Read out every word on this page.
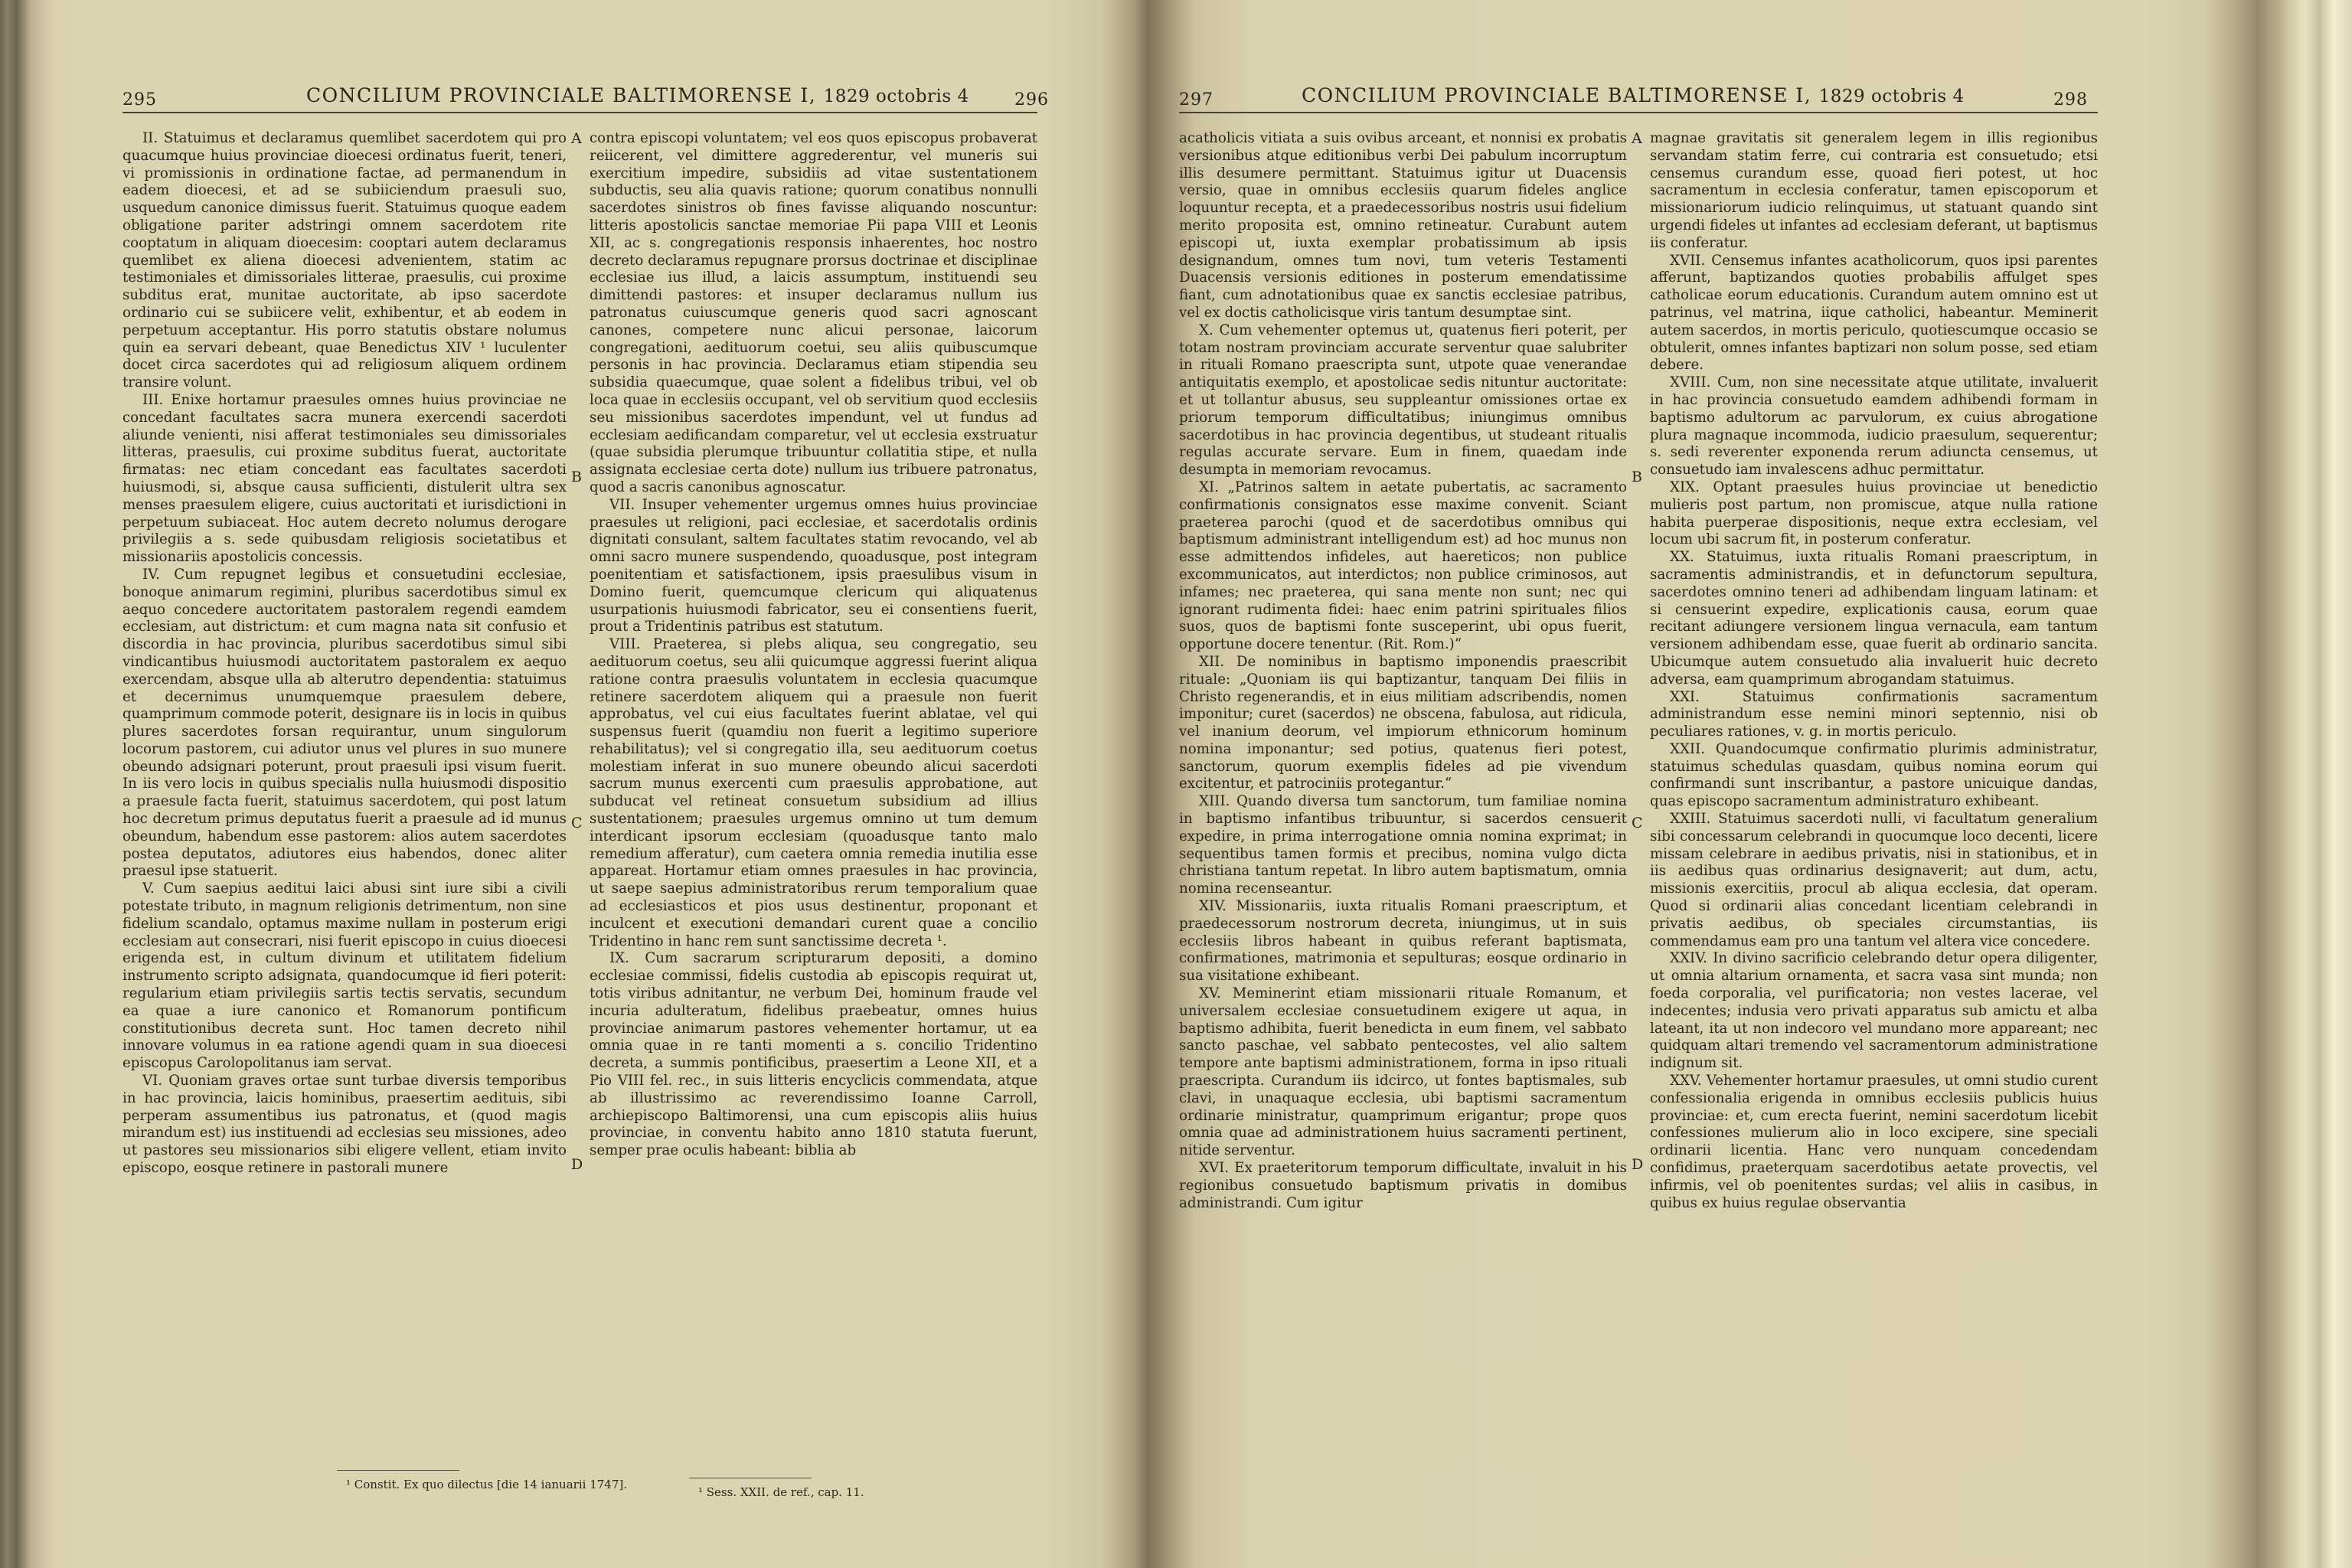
295	CONCILIUM PROVINCIALE BALTIMORENSE I, 1829 octobris 4	296

II. Statuimus et declaramus quemlibet sacerdotem qui pro quacumque huius provinciae dioecesi ordinatus fuerit, teneri, vi promissionis in ordinatione factae, ad permanendum in eadem dioecesi, et ad se subiiciendum praesuli suo, usquedum canonice dimissus fuerit. Statuimus quoque eadem obligatione pariter adstringi omnem sacerdotem rite cooptatum in aliquam dioecesim: cooptari autem declaramus quemlibet ex aliena dioecesi advenientem, statim ac testimoniales et dimissoriales litterae, praesulis, cui proxime subditus erat, munitae auctoritate, ab ipso sacerdote ordinario cui se subiicere velit, exhibentur, et ab eodem in perpetuum acceptantur. His porro statutis obstare nolumus quin ea servari debeant, quae Benedictus XIV ¹ luculenter docet circa sacerdotes qui ad religiosum aliquem ordinem transire volunt.

III. Enixe hortamur praesules omnes huius provinciae ne concedant facultates sacra munera exercendi sacerdoti aliunde venienti, nisi afferat testimoniales seu dimissoriales litteras, praesulis, cui proxime subditus fuerat, auctoritate firmatas: nec etiam concedant eas facultates sacerdoti huiusmodi, si, absque causa sufficienti, distulerit ultra sex menses praesulem eligere, cuius auctoritati et iurisdictioni in perpetuum subiaceat. Hoc autem decreto nolumus derogare privilegiis a s. sede quibusdam religiosis societatibus et missionariis apostolicis concessis.

IV. Cum repugnet legibus et consuetudini ecclesiae, bonoque animarum regimini, pluribus sacerdotibus simul ex aequo concedere auctoritatem pastoralem regendi eamdem ecclesiam, aut districtum: et cum magna nata sit confusio et discordia in hac provincia, pluribus sacerdotibus simul sibi vindicantibus huiusmodi auctoritatem pastoralem ex aequo exercendam, absque ulla ab alterutro dependentia: statuimus et decernimus unumquemque praesulem debere, quamprimum commode poterit, designare iis in locis in quibus plures sacerdotes forsan requirantur, unum singulorum locorum pastorem, cui adiutor unus vel plures in suo munere obeundo adsignari poterunt, prout praesuli ipsi visum fuerit. In iis vero locis in quibus specialis nulla huiusmodi dispositio a praesule facta fuerit, statuimus sacerdotem, qui post latum hoc decretum primus deputatus fuerit a praesule ad id munus obeundum, habendum esse pastorem: alios autem sacerdotes postea deputatos, adiutores eius habendos, donec aliter praesul ipse statuerit.

V. Cum saepius aeditui laici abusi sint iure sibi a civili potestate tributo, in magnum religionis detrimentum, non sine fidelium scandalo, optamus maxime nullam in posterum erigi ecclesiam aut consecrari, nisi fuerit episcopo in cuius dioecesi erigenda est, in cultum divinum et utilitatem fidelium instrumento scripto adsignata, quandocumque id fieri poterit: regularium etiam privilegiis sartis tectis servatis, secundum ea quae a iure canonico et Romanorum pontificum constitutionibus decreta sunt. Hoc tamen decreto nihil innovare volumus in ea ratione agendi quam in sua dioecesi episcopus Carolopolitanus iam servat.

VI. Quoniam graves ortae sunt turbae diversis temporibus in hac provincia, laicis hominibus, praesertim aedituis, sibi perperam assumentibus ius patronatus, et (quod magis mirandum est) ius instituendi ad ecclesias seu missiones, adeo ut pastores seu missionarios sibi eligere vellent, etiam invito episcopo, eosque retinere in pastorali munere

A
B
C
D

contra episcopi voluntatem; vel eos quos episcopus probaverat reiicerent, vel dimittere aggrederentur, vel muneris sui exercitium impedire, subsidiis ad vitae sustentationem subductis, seu alia quavis ratione; quorum conatibus nonnulli sacerdotes sinistros ob fines favisse aliquando noscuntur: litteris apostolicis sanctae memoriae Pii papa VIII et Leonis XII, ac s. congregationis responsis inhaerentes, hoc nostro decreto declaramus repugnare prorsus doctrinae et disciplinae ecclesiae ius illud, a laicis assumptum, instituendi seu dimittendi pastores: et insuper declaramus nullum ius patronatus cuiuscumque generis quod sacri agnoscant canones, competere nunc alicui personae, laicorum congregationi, aedituorum coetui, seu aliis quibuscumque personis in hac provincia. Declaramus etiam stipendia seu subsidia quaecumque, quae solent a fidelibus tribui, vel ob loca quae in ecclesiis occupant, vel ob servitium quod ecclesiis seu missionibus sacerdotes impendunt, vel ut fundus ad ecclesiam aedificandam comparetur, vel ut ecclesia exstruatur (quae subsidia plerumque tribuuntur collatitia stipe, et nulla assignata ecclesiae certa dote) nullum ius tribuere patronatus, quod a sacris canonibus agnoscatur.

VII. Insuper vehementer urgemus omnes huius provinciae praesules ut religioni, paci ecclesiae, et sacerdotalis ordinis dignitati consulant, saltem facultates statim revocando, vel ab omni sacro munere suspendendo, quoadusque, post integram poenitentiam et satisfactionem, ipsis praesulibus visum in Domino fuerit, quemcumque clericum qui aliquatenus usurpationis huiusmodi fabricator, seu ei consentiens fuerit, prout a Tridentinis patribus est statutum.

VIII. Praeterea, si plebs aliqua, seu congregatio, seu aedituorum coetus, seu alii quicumque aggressi fuerint aliqua ratione contra praesulis voluntatem in ecclesia quacumque retinere sacerdotem aliquem qui a praesule non fuerit approbatus, vel cui eius facultates fuerint ablatae, vel qui suspensus fuerit (quamdiu non fuerit a legitimo superiore rehabilitatus); vel si congregatio illa, seu aedituorum coetus molestiam inferat in suo munere obeundo alicui sacerdoti sacrum munus exercenti cum praesulis approbatione, aut subducat vel retineat consuetum subsidium ad illius sustentationem; praesules urgemus omnino ut tum demum interdicant ipsorum ecclesiam (quoadusque tanto malo remedium afferatur), cum caetera omnia remedia inutilia esse appareat. Hortamur etiam omnes praesules in hac provincia, ut saepe saepius administratoribus rerum temporalium quae ad ecclesiasticos et pios usus destinentur, proponant et inculcent et executioni demandari curent quae a concilio Tridentino in hanc rem sunt sanctissime decreta ¹.

IX. Cum sacrarum scripturarum depositi, a domino ecclesiae commissi, fidelis custodia ab episcopis requirat ut, totis viribus adnitantur, ne verbum Dei, hominum fraude vel incuria adulteratum, fidelibus praebeatur, omnes huius provinciae animarum pastores vehementer hortamur, ut ea omnia quae in re tanti momenti a s. concilio Tridentino decreta, a summis pontificibus, praesertim a Leone XII, et a Pio VIII fel. rec., in suis litteris encyclicis commendata, atque ab illustrissimo ac reverendissimo Ioanne Carroll, archiepiscopo Baltimorensi, una cum episcopis aliis huius provinciae, in conventu habito anno 1810 statuta fuerunt, semper prae oculis habeant: biblia ab

¹ Constit. Ex quo dilectus [die 14 ianuarii 1747].
¹ Sess. XXII. de ref., cap. 11.
297	CONCILIUM PROVINCIALE BALTIMORENSE I, 1829 octobris 4	298

acatholicis vitiata a suis ovibus arceant, et nonnisi ex probatis versionibus atque editionibus verbi Dei pabulum incorruptum illis desumere permittant. Statuimus igitur ut Duacensis versio, quae in omnibus ecclesiis quarum fideles anglice loquuntur recepta, et a praedecessoribus nostris usui fidelium merito proposita est, omnino retineatur. Curabunt autem episcopi ut, iuxta exemplar probatissimum ab ipsis designandum, omnes tum novi, tum veteris Testamenti Duacensis versionis editiones in posterum emendatissime fiant, cum adnotationibus quae ex sanctis ecclesiae patribus, vel ex doctis catholicisque viris tantum desumptae sint.

X. Cum vehementer optemus ut, quatenus fieri poterit, per totam nostram provinciam accurate serventur quae salubriter in rituali Romano praescripta sunt, utpote quae venerandae antiquitatis exemplo, et apostolicae sedis nituntur auctoritate: et ut tollantur abusus, seu suppleantur omissiones ortae ex priorum temporum difficultatibus; iniungimus omnibus sacerdotibus in hac provincia degentibus, ut studeant ritualis regulas accurate servare. Eum in finem, quaedam inde desumpta in memoriam revocamus.

XI. „Patrinos saltem in aetate pubertatis, ac sacramento confirmationis consignatos esse maxime convenit. Sciant praeterea parochi (quod et de sacerdotibus omnibus qui baptismum administrant intelligendum est) ad hoc munus non esse admittendos infideles, aut haereticos; non publice excommunicatos, aut interdictos; non publice criminosos, aut infames; nec praeterea, qui sana mente non sunt; nec qui ignorant rudimenta fidei: haec enim patrini spirituales filios suos, quos de baptismi fonte susceperint, ubi opus fuerit, opportune docere tenentur. (Rit. Rom.)“

XII. De nominibus in baptismo imponendis praescribit rituale: „Quoniam iis qui baptizantur, tanquam Dei filiis in Christo regenerandis, et in eius militiam adscribendis, nomen imponitur; curet (sacerdos) ne obscena, fabulosa, aut ridicula, vel inanium deorum, vel impiorum ethnicorum hominum nomina imponantur; sed potius, quatenus fieri potest, sanctorum, quorum exemplis fideles ad pie vivendum excitentur, et patrociniis protegantur.“

XIII. Quando diversa tum sanctorum, tum familiae nomina in baptismo infantibus tribuuntur, si sacerdos censuerit expedire, in prima interrogatione omnia nomina exprimat; in sequentibus tamen formis et precibus, nomina vulgo dicta christiana tantum repetat. In libro autem baptismatum, omnia nomina recenseantur.

XIV. Missionariis, iuxta ritualis Romani praescriptum, et praedecessorum nostrorum decreta, iniungimus, ut in suis ecclesiis libros habeant in quibus referant baptismata, confirmationes, matrimonia et sepulturas; eosque ordinario in sua visitatione exhibeant.

XV. Meminerint etiam missionarii rituale Romanum, et universalem ecclesiae consuetudinem exigere ut aqua, in baptismo adhibita, fuerit benedicta in eum finem, vel sabbato sancto paschae, vel sabbato pentecostes, vel alio saltem tempore ante baptismi administrationem, forma in ipso rituali praescripta. Curandum iis idcirco, ut fontes baptismales, sub clavi, in unaquaque ecclesia, ubi baptismi sacramentum ordinarie ministratur, quamprimum erigantur; prope quos omnia quae ad administrationem huius sacramenti pertinent, nitide serventur.

XVI. Ex praeteritorum temporum difficultate, invaluit in his regionibus consuetudo baptismum privatis in domibus administrandi. Cum igitur

A
B
C
D

magnae gravitatis sit generalem legem in illis regionibus servandam statim ferre, cui contraria est consuetudo; etsi censemus curandum esse, quoad fieri potest, ut hoc sacramentum in ecclesia conferatur, tamen episcoporum et missionariorum iudicio relinquimus, ut statuant quando sint urgendi fideles ut infantes ad ecclesiam deferant, ut baptismus iis conferatur.

XVII. Censemus infantes acatholicorum, quos ipsi parentes afferunt, baptizandos quoties probabilis affulget spes catholicae eorum educationis. Curandum autem omnino est ut patrinus, vel matrina, iique catholici, habeantur. Meminerit autem sacerdos, in mortis periculo, quotiescumque occasio se obtulerit, omnes infantes baptizari non solum posse, sed etiam debere.

XVIII. Cum, non sine necessitate atque utilitate, invaluerit in hac provincia consuetudo eamdem adhibendi formam in baptismo adultorum ac parvulorum, ex cuius abrogatione plura magnaque incommoda, iudicio praesulum, sequerentur; s. sedi reverenter exponenda rerum adiuncta censemus, ut consuetudo iam invalescens adhuc permittatur.

XIX. Optant praesules huius provinciae ut benedictio mulieris post partum, non promiscue, atque nulla ratione habita puerperae dispositionis, neque extra ecclesiam, vel locum ubi sacrum fit, in posterum conferatur.

XX. Statuimus, iuxta ritualis Romani praescriptum, in sacramentis administrandis, et in defunctorum sepultura, sacerdotes omnino teneri ad adhibendam linguam latinam: et si censuerint expedire, explicationis causa, eorum quae recitant adiungere versionem lingua vernacula, eam tantum versionem adhibendam esse, quae fuerit ab ordinario sancita. Ubicumque autem consuetudo alia invaluerit huic decreto adversa, eam quamprimum abrogandam statuimus.

XXI. Statuimus confirmationis sacramentum administrandum esse nemini minori septennio, nisi ob peculiares rationes, v. g. in mortis periculo.

XXII. Quandocumque confirmatio plurimis administratur, statuimus schedulas quasdam, quibus nomina eorum qui confirmandi sunt inscribantur, a pastore unicuique dandas, quas episcopo sacramentum administraturo exhibeant.

XXIII. Statuimus sacerdoti nulli, vi facultatum generalium sibi concessarum celebrandi in quocumque loco decenti, licere missam celebrare in aedibus privatis, nisi in stationibus, et in iis aedibus quas ordinarius designaverit; aut dum, actu, missionis exercitiis, procul ab aliqua ecclesia, dat operam. Quod si ordinarii alias concedant licentiam celebrandi in privatis aedibus, ob speciales circumstantias, iis commendamus eam pro una tantum vel altera vice concedere.

XXIV. In divino sacrificio celebrando detur opera diligenter, ut omnia altarium ornamenta, et sacra vasa sint munda; non foeda corporalia, vel purificatoria; non vestes lacerae, vel indecentes; indusia vero privati apparatus sub amictu et alba lateant, ita ut non indecoro vel mundano more appareant; nec quidquam altari tremendo vel sacramentorum administratione indignum sit.

XXV. Vehementer hortamur praesules, ut omni studio curent confessionalia erigenda in omnibus ecclesiis publicis huius provinciae: et, cum erecta fuerint, nemini sacerdotum licebit confessiones mulierum alio in loco excipere, sine speciali ordinarii licentia. Hanc vero nunquam concedendam confidimus, praeterquam sacerdotibus aetate provectis, vel infirmis, vel ob poenitentes surdas; vel aliis in casibus, in quibus ex huius regulae observantia
